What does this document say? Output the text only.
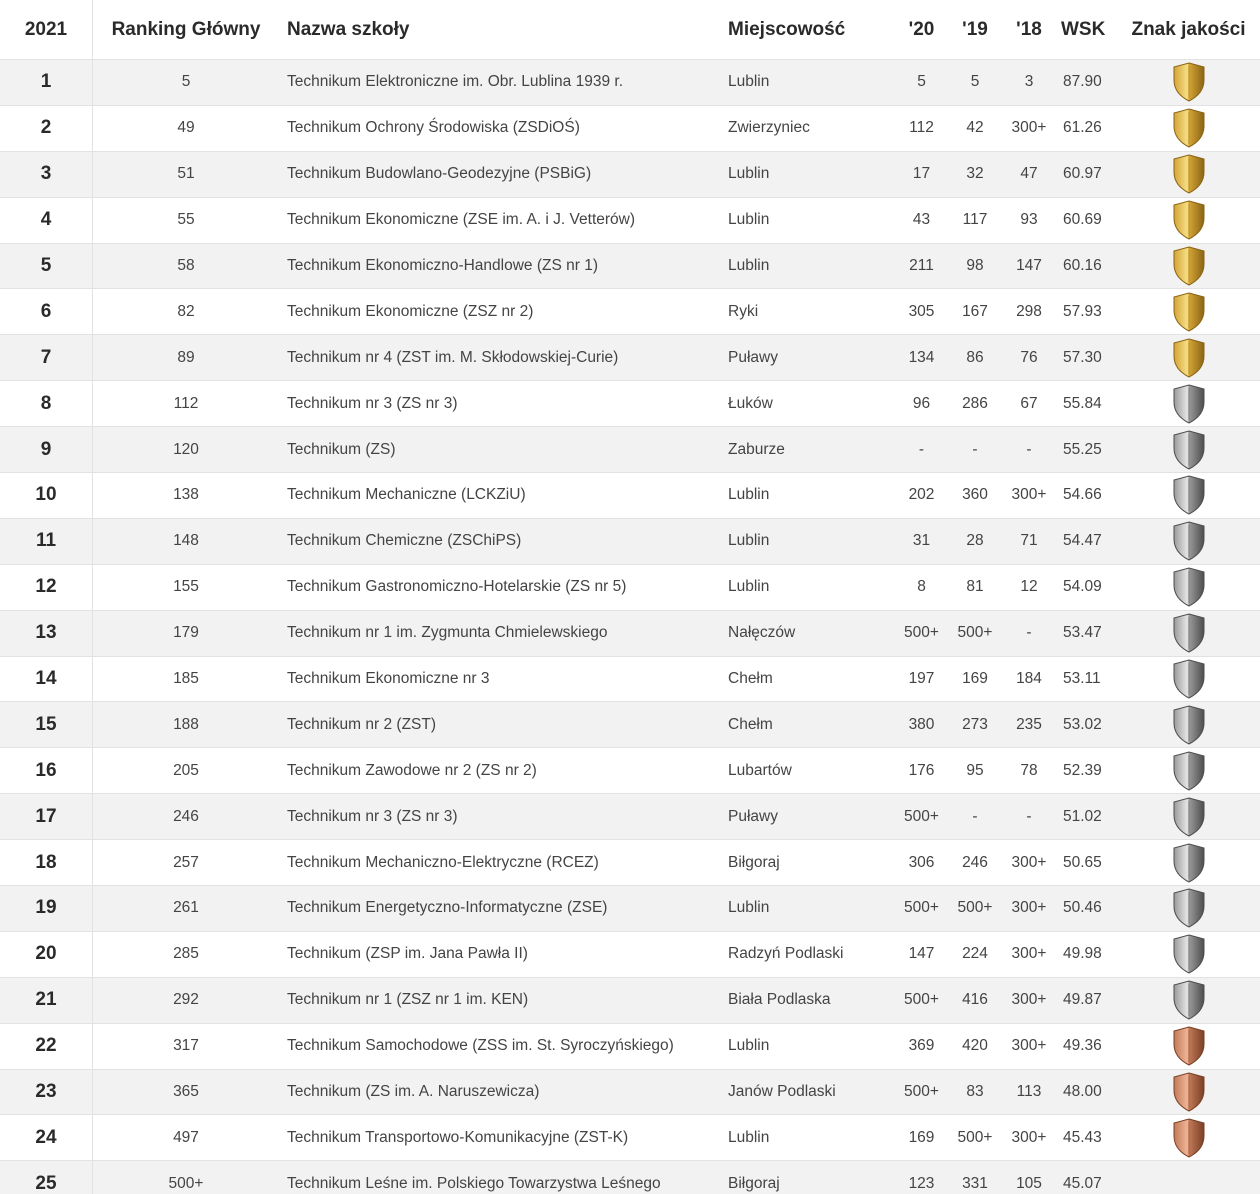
2021	Ranking Główny	Nazwa szkoły	Miejscowość	'20	'19	'18	WSK	Znak jakości
1	5	Technikum Elektroniczne im. Obr. Lublina 1939 r.	Lublin	5	5	3	87.90
2	49	Technikum Ochrony Środowiska (ZSDiOŚ)	Zwierzyniec	112	42	300+	61.26
3	51	Technikum Budowlano-Geodezyjne (PSBiG)	Lublin	17	32	47	60.97
4	55	Technikum Ekonomiczne (ZSE im. A. i J. Vetterów)	Lublin	43	117	93	60.69
5	58	Technikum Ekonomiczno-Handlowe (ZS nr 1)	Lublin	211	98	147	60.16
6	82	Technikum Ekonomiczne (ZSZ nr 2)	Ryki	305	167	298	57.93
7	89	Technikum nr 4 (ZST im. M. Skłodowskiej-Curie)	Puławy	134	86	76	57.30
8	112	Technikum nr 3 (ZS nr 3)	Łuków	96	286	67	55.84
9	120	Technikum (ZS)	Zaburze	-	-	-	55.25
10	138	Technikum Mechaniczne (LCKZiU)	Lublin	202	360	300+	54.66
11	148	Technikum Chemiczne (ZSChiPS)	Lublin	31	28	71	54.47
12	155	Technikum Gastronomiczno-Hotelarskie (ZS nr 5)	Lublin	8	81	12	54.09
13	179	Technikum nr 1 im. Zygmunta Chmielewskiego	Nałęczów	500+	500+	-	53.47
14	185	Technikum Ekonomiczne nr 3	Chełm	197	169	184	53.11
15	188	Technikum nr 2 (ZST)	Chełm	380	273	235	53.02
16	205	Technikum Zawodowe nr 2 (ZS nr 2)	Lubartów	176	95	78	52.39
17	246	Technikum nr 3 (ZS nr 3)	Puławy	500+	-	-	51.02
18	257	Technikum Mechaniczno-Elektryczne (RCEZ)	Biłgoraj	306	246	300+	50.65
19	261	Technikum Energetyczno-Informatyczne (ZSE)	Lublin	500+	500+	300+	50.46
20	285	Technikum (ZSP im. Jana Pawła II)	Radzyń Podlaski	147	224	300+	49.98
21	292	Technikum nr 1 (ZSZ nr 1 im. KEN)	Biała Podlaska	500+	416	300+	49.87
22	317	Technikum Samochodowe (ZSS im. St. Syroczyńskiego)	Lublin	369	420	300+	49.36
23	365	Technikum (ZS im. A. Naruszewicza)	Janów Podlaski	500+	83	113	48.00
24	497	Technikum Transportowo-Komunikacyjne (ZST-K)	Lublin	169	500+	300+	45.43
25	500+	Technikum Leśne im. Polskiego Towarzystwa Leśnego	Biłgoraj	123	331	105	45.07
